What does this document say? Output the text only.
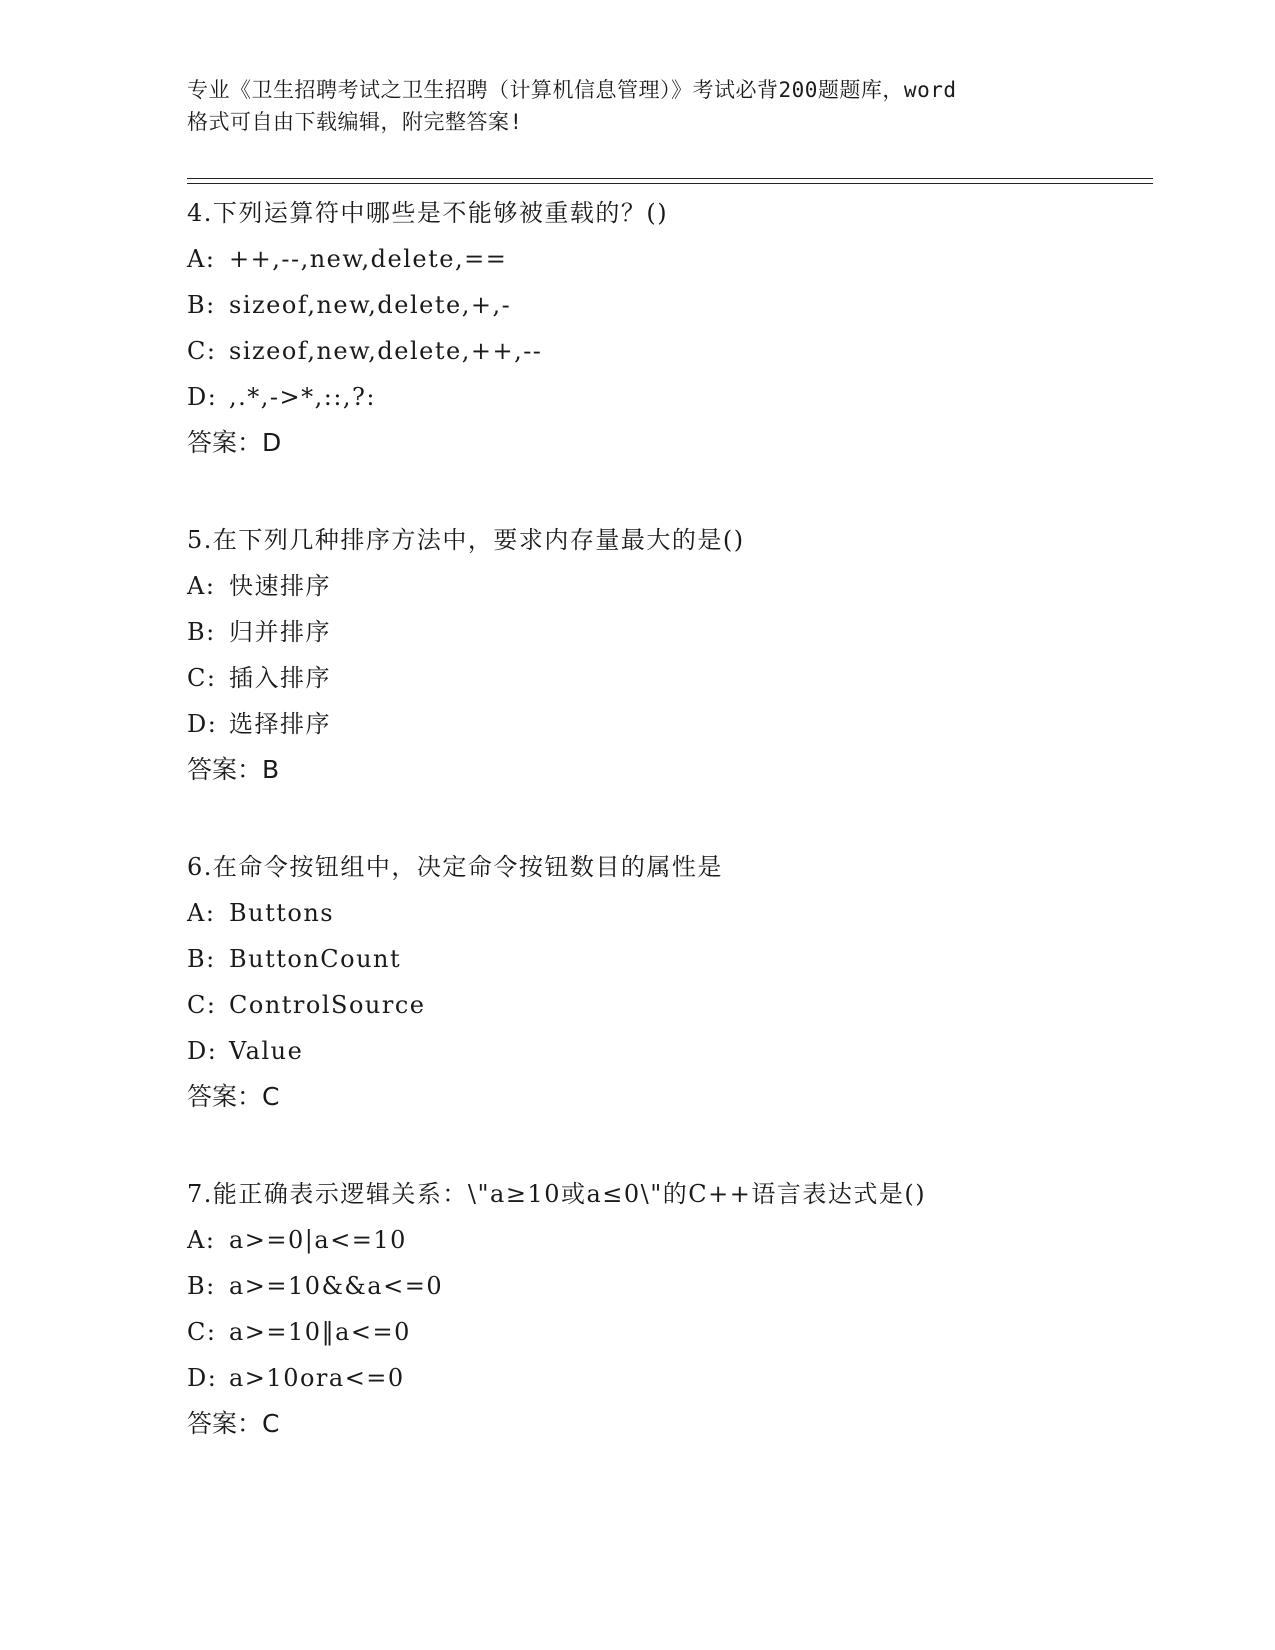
专业《卫生招聘考试之卫生招聘（计算机信息管理）》考试必背200题题库，word
格式可自由下载编辑，附完整答案!
4.下列运算符中哪些是不能够被重载的？()
A: ++,--,new,delete,==
B: sizeof,new,delete,+,-
C: sizeof,new,delete,++,--
D: ,.*,->*,::,?:
答案：D
5.在下列几种排序方法中，要求内存量最大的是()
A: 快速排序
B: 归并排序
C: 插入排序
D: 选择排序
答案：B
6.在命令按钮组中，决定命令按钮数目的属性是
A: Buttons
B: ButtonCount
C: ControlSource
D: Value
答案：C
7.能正确表示逻辑关系：\"a≥10或a≤0\"的C++语言表达式是()
A: a>=0|a<=10
B: a>=10&&a<=0
C: a>=10‖a<=0
D: a>10ora<=0
答案：C
